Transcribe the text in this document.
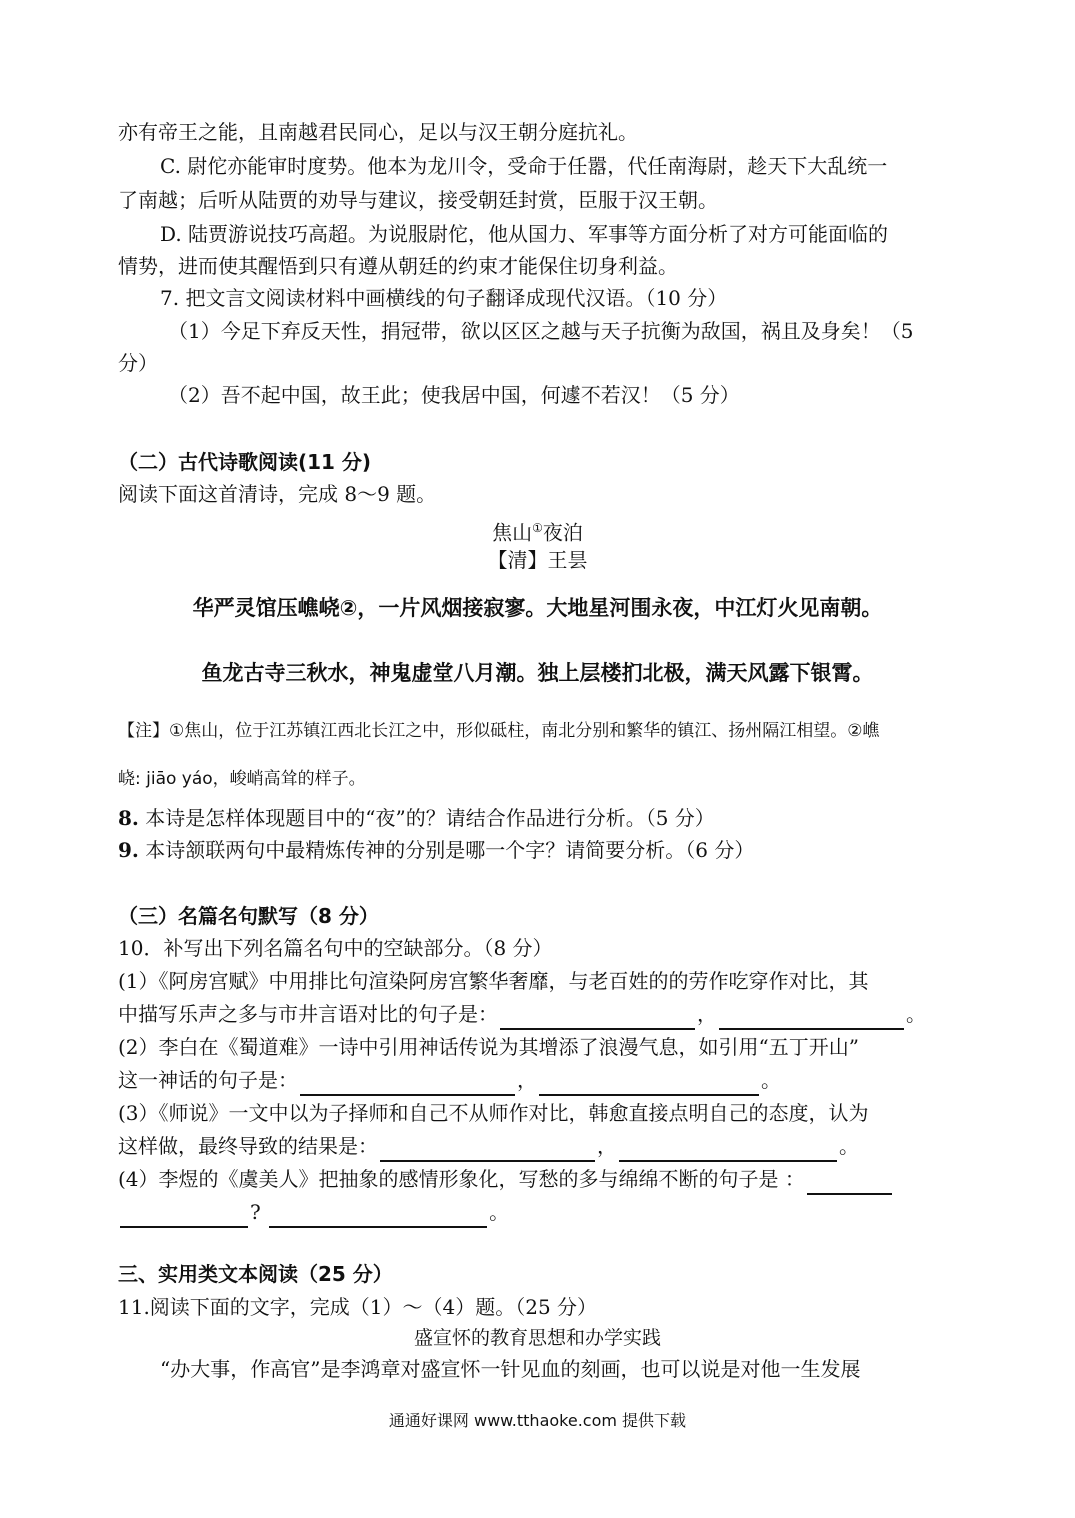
亦有帝王之能，且南越君民同心，足以与汉王朝分庭抗礼。
C. 尉佗亦能审时度势。他本为龙川令，受命于任嚣，代任南海尉，趁天下大乱统一
了南越；后听从陆贾的劝导与建议，接受朝廷封赏，臣服于汉王朝。
D. 陆贾游说技巧高超。为说服尉佗，他从国力、军事等方面分析了对方可能面临的
情势，进而使其醒悟到只有遵从朝廷的约束才能保住切身利益。
7. 把文言文阅读材料中画横线的句子翻译成现代汉语。（10 分）
（1）今足下弃反天性，捐冠带，欲以区区之越与天子抗衡为敌国，祸且及身矣！（5
分）
（2）吾不起中国，故王此；使我居中国，何遽不若汉！（5 分）
（二）古代诗歌阅读(11 分)
阅读下面这首清诗，完成 8～9 题。
焦山①夜泊
【清】王昙
华严灵馆压嶕峣②，一片风烟接寂寥。大地星河围永夜，中江灯火见南朝。
鱼龙古寺三秋水，神鬼虚堂八月潮。独上层楼扪北极，满天风露下银霄。
【注】①焦山，位于江苏镇江西北长江之中，形似砥柱，南北分别和繁华的镇江、扬州隔江相望。②嶕
峣: jiāo yáo，峻峭高耸的样子。
8. 本诗是怎样体现题目中的“夜”的？请结合作品进行分析。（5 分）
9. 本诗颔联两句中最精炼传神的分别是哪一个字？请简要分析。（6 分）
（三）名篇名句默写（8 分）
10．补写出下列名篇名句中的空缺部分。（8 分）
(1）《阿房宫赋》中用排比句渲染阿房宫繁华奢靡，与老百姓的的劳作吃穿作对比，其
中描写乐声之多与市井言语对比的句子是：	，	。
(2）李白在《蜀道难》一诗中引用神话传说为其增添了浪漫气息，如引用“五丁开山”
这一神话的句子是：	，	。
(3）《师说》一文中以为子择师和自己不从师作对比，韩愈直接点明自己的态度，认为
这样做，最终导致的结果是：	，	。
(4）李煜的《虞美人》把抽象的感情形象化，写愁的多与绵绵不断的句子是 ：
?	。
三、实用类文本阅读（25 分）
11.阅读下面的文字，完成（1）～（4）题。（25 分）
盛宣怀的教育思想和办学实践
“办大事，作高官”是李鸿章对盛宣怀一针见血的刻画，也可以说是对他一生发展
通通好课网 www.tthaoke.com 提供下载
